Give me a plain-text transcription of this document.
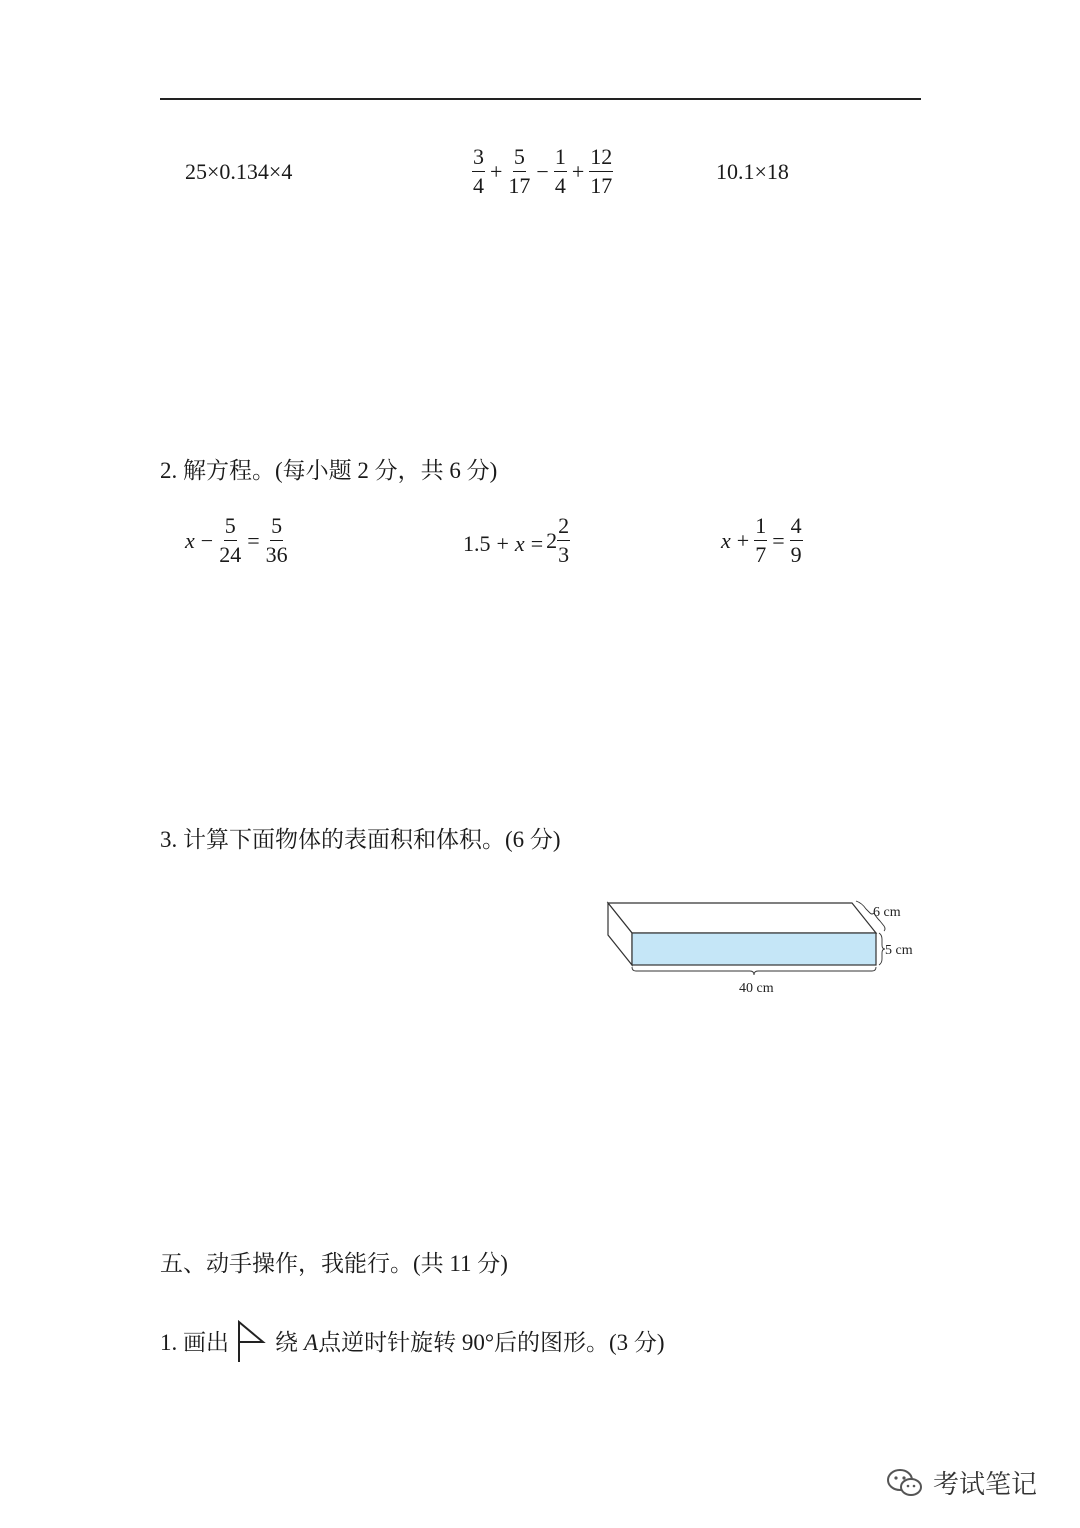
25×0.134×4	$\frac{3}{4} + \frac{5}{17} - \frac{1}{4} + \frac{12}{17}$	10.1×18
2. 解方程。(每小题 2 分，共 6 分)
$x - \frac{5}{24} = \frac{5}{36}$	$1.5 + x = 2 \frac{2}{3}$	$x + \frac{1}{7} = \frac{4}{9}$
3. 计算下面物体的表面积和体积。(6 分)
6 cm
5 cm
40 cm
五、动手操作，我能行。(共 11 分)
1. 画出 绕 A 点逆时针旋转 90°后的图形。(3 分)
考试笔记
